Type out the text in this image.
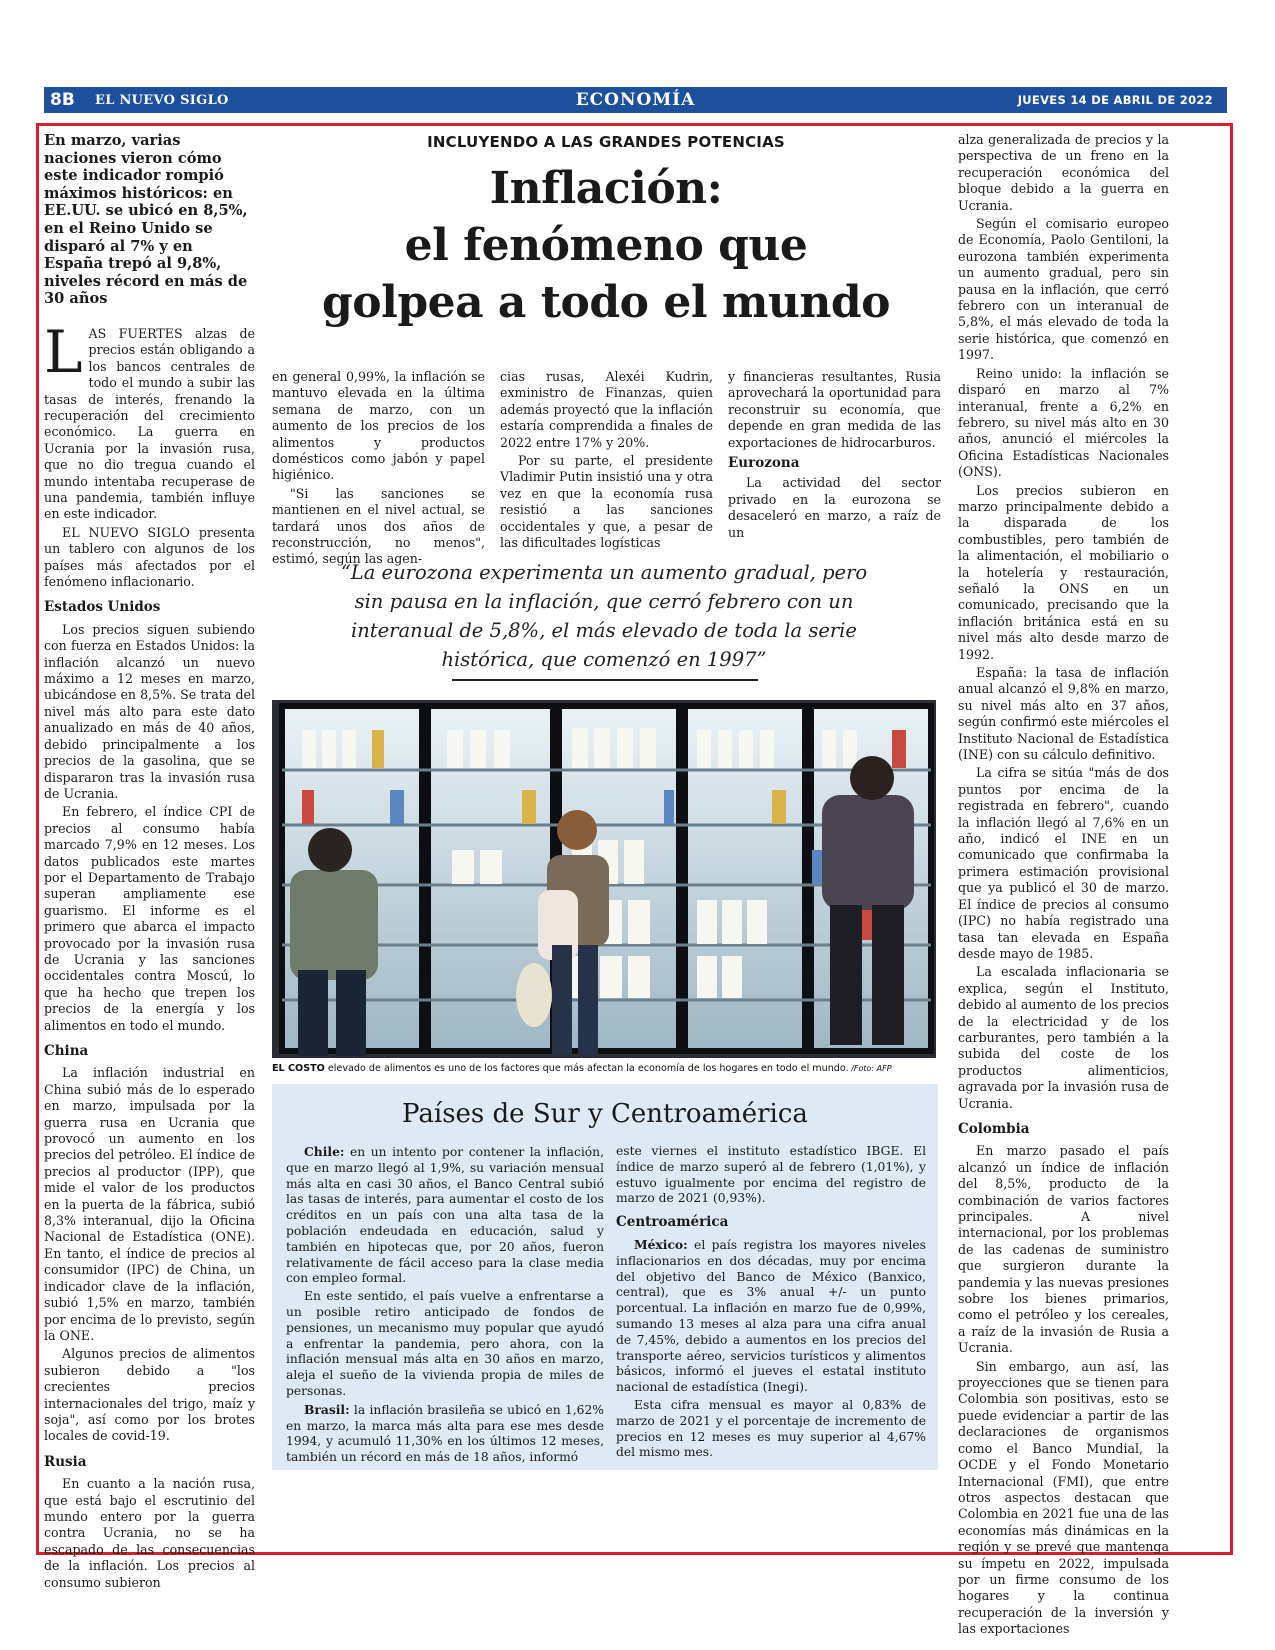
8B EL NUEVO SIGLO	ECONOMÍA	JUEVES 14 DE ABRIL DE 2022
En marzo, varias naciones vieron cómo este indicador rompió máximos históricos: en EE.UU. se ubicó en 8,5%, en el Reino Unido se disparó al 7% y en España trepó al 9,8%, niveles récord en más de 30 años

LAS FUERTES alzas de precios están obligando a los bancos centrales de todo el mundo a subir las tasas de interés, frenando la recuperación del crecimiento económico. La guerra en Ucrania por la invasión rusa, que no dio tregua cuando el mundo intentaba recuperase de una pandemia, también influye en este indicador.

EL NUEVO SIGLO presenta un tablero con algunos de los países más afectados por el fenómeno inflacionario.

Estados Unidos

Los precios siguen subiendo con fuerza en Estados Unidos: la inflación alcanzó un nuevo máximo a 12 meses en marzo, ubicándose en 8,5%. Se trata del nivel más alto para este dato anualizado en más de 40 años, debido principalmente a los precios de la gasolina, que se dispararon tras la invasión rusa de Ucrania.

En febrero, el índice CPI de precios al consumo había marcado 7,9% en 12 meses. Los datos publicados este martes por el Departamento de Trabajo superan ampliamente ese guarismo. El informe es el primero que abarca el impacto provocado por la invasión rusa de Ucrania y las sanciones occidentales contra Moscú, lo que ha hecho que trepen los precios de la energía y los alimentos en todo el mundo.

China

La inflación industrial en China subió más de lo esperado en marzo, impulsada por la guerra rusa en Ucrania que provocó un aumento en los precios del petróleo. El índice de precios al productor (IPP), que mide el valor de los productos en la puerta de la fábrica, subió 8,3% interanual, dijo la Oficina Nacional de Estadística (ONE). En tanto, el índice de precios al consumidor (IPC) de China, un indicador clave de la inflación, subió 1,5% en marzo, también por encima de lo previsto, según la ONE.

Algunos precios de alimentos subieron debido a "los crecientes precios internacionales del trigo, maíz y soja", así como por los brotes locales de covid-19.

Rusia

En cuanto a la nación rusa, que está bajo el escrutinio del mundo entero por la guerra contra Ucrania, no se ha escapado de las consecuencias de la inflación. Los precios al consumo subieron

INCLUYENDO A LAS GRANDES POTENCIAS
Inflación:
el fenómeno que
golpea a todo el mundo

en general 0,99%, la inflación se mantuvo elevada en la última semana de marzo, con un aumento de los precios de los alimentos y productos domésticos como jabón y papel higiénico.

"Si las sanciones se mantienen en el nivel actual, se tardará unos dos años de reconstrucción, no menos", estimó, según las agen-

cias rusas, Alexéi Kudrin, exministro de Finanzas, quien además proyectó que la inflación estaría comprendida a finales de 2022 entre 17% y 20%.

Por su parte, el presidente Vladimir Putin insistió una y otra vez en que la economía rusa resistió a las sanciones occidentales y que, a pesar de las dificultades logísticas

y financieras resultantes, Rusia aprovechará la oportunidad para reconstruir su economía, que depende en gran medida de las exportaciones de hidrocarburos.

Eurozona

La actividad del sector privado en la eurozona se desaceleró en marzo, a raíz de un

“La eurozona experimenta un aumento gradual, pero sin pausa en la inflación, que cerró febrero con un interanual de 5,8%, el más elevado de toda la serie histórica, que comenzó en 1997”
EL COSTO elevado de alimentos es uno de los factores que más afectan la economía de los hogares en todo el mundo. /Foto: AFP
Países de Sur y Centroamérica

Chile: en un intento por contener la inflación, que en marzo llegó al 1,9%, su variación mensual más alta en casi 30 años, el Banco Central subió las tasas de interés, para aumentar el costo de los créditos en un país con una alta tasa de la población endeudada en educación, salud y también en hipotecas que, por 20 años, fueron relativamente de fácil acceso para la clase media con empleo formal.

En este sentido, el país vuelve a enfrentarse a un posible retiro anticipado de fondos de pensiones, un mecanismo muy popular que ayudó a enfrentar la pandemia, pero ahora, con la inflación mensual más alta en 30 años en marzo, aleja el sueño de la vivienda propia de miles de personas.

Brasil: la inflación brasileña se ubicó en 1,62% en marzo, la marca más alta para ese mes desde 1994, y acumuló 11,30% en los últimos 12 meses, también un récord en más de 18 años, informó

este viernes el instituto estadístico IBGE. El índice de marzo superó al de febrero (1,01%), y estuvo igualmente por encima del registro de marzo de 2021 (0,93%).

Centroamérica

México: el país registra los mayores niveles inflacionarios en dos décadas, muy por encima del objetivo del Banco de México (Banxico, central), que es 3% anual +/- un punto porcentual. La inflación en marzo fue de 0,99%, sumando 13 meses al alza para una cifra anual de 7,45%, debido a aumentos en los precios del transporte aéreo, servicios turísticos y alimentos básicos, informó el jueves el estatal instituto nacional de estadística (Inegi).

Esta cifra mensual es mayor al 0,83% de marzo de 2021 y el porcentaje de incremento de precios en 12 meses es muy superior al 4,67% del mismo mes.

alza generalizada de precios y la perspectiva de un freno en la recuperación económica del bloque debido a la guerra en Ucrania.

Según el comisario europeo de Economía, Paolo Gentiloni, la eurozona también experimenta un aumento gradual, pero sin pausa en la inflación, que cerró febrero con un interanual de 5,8%, el más elevado de toda la serie histórica, que comenzó en 1997.

Reino unido: la inflación se disparó en marzo al 7% interanual, frente a 6,2% en febrero, su nivel más alto en 30 años, anunció el miércoles la Oficina Estadísticas Nacionales (ONS).

Los precios subieron en marzo principalmente debido a la disparada de los combustibles, pero también de la alimentación, el mobiliario o la hotelería y restauración, señaló la ONS en un comunicado, precisando que la inflación británica está en su nivel más alto desde marzo de 1992.

España: la tasa de inflación anual alcanzó el 9,8% en marzo, su nivel más alto en 37 años, según confirmó este miércoles el Instituto Nacional de Estadística (INE) con su cálculo definitivo.

La cifra se sitúa "más de dos puntos por encima de la registrada en febrero", cuando la inflación llegó al 7,6% en un año, indicó el INE en un comunicado que confirmaba la primera estimación provisional que ya publicó el 30 de marzo. El índice de precios al consumo (IPC) no había registrado una tasa tan elevada en España desde mayo de 1985.

La escalada inflacionaria se explica, según el Instituto, debido al aumento de los precios de la electricidad y de los carburantes, pero también a la subida del coste de los productos alimenticios, agravada por la invasión rusa de Ucrania.

Colombia

En marzo pasado el país alcanzó un índice de inflación del 8,5%, producto de la combinación de varios factores principales. A nivel internacional, por los problemas de las cadenas de suministro que surgieron durante la pandemia y las nuevas presiones sobre los bienes primarios, como el petróleo y los cereales, a raíz de la invasión de Rusia a Ucrania.

Sin embargo, aun así, las proyecciones que se tienen para Colombia son positivas, esto se puede evidenciar a partir de las declaraciones de organismos como el Banco Mundial, la OCDE y el Fondo Monetario Internacional (FMI), que entre otros aspectos destacan que Colombia en 2021 fue una de las economías más dinámicas en la región y se prevé que mantenga su ímpetu en 2022, impulsada por un firme consumo de los hogares y la continua recuperación de la inversión y las exportaciones
